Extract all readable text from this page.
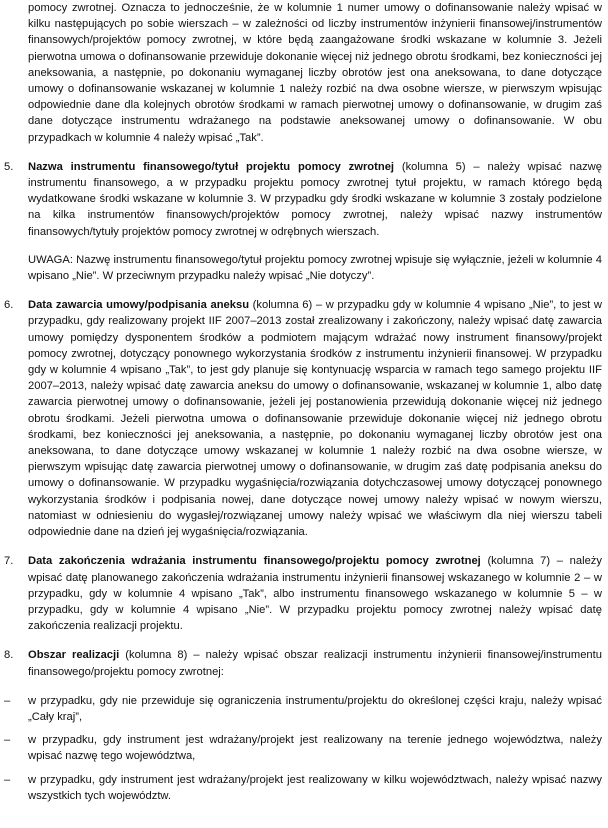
pomocy zwrotnej. Oznacza to jednocześnie, że w kolumnie 1 numer umowy o dofinansowanie należy wpisać w kilku następujących po sobie wierszach – w zależności od liczby instrumentów inżynierii finansowej/instrumentów finansowych/projektów pomocy zwrotnej, w które będą zaangażowane środki wskazane w kolumnie 3. Jeżeli pierwotna umowa o dofinansowanie przewiduje dokonanie więcej niż jednego obrotu środkami, bez konieczności jej aneksowania, a następnie, po dokonaniu wymaganej liczby obrotów jest ona aneksowana, to dane dotyczące umowy o dofinansowanie wskazanej w kolumnie 1 należy rozbić na dwa osobne wiersze, w pierwszym wpisując odpowiednie dane dla kolejnych obrotów środkami w ramach pierwotnej umowy o dofinansowanie, w drugim zaś dane dotyczące instrumentu wdrażanego na podstawie aneksowanej umowy o dofinansowanie. W obu przypadkach w kolumnie 4 należy wpisać „Tak”.

5.	Nazwa instrumentu finansowego/tytuł projektu pomocy zwrotnej (kolumna 5) – należy wpisać nazwę instrumentu finansowego, a w przypadku projektu pomocy zwrotnej tytuł projektu, w ramach którego będą wydatkowane środki wskazane w kolumnie 3. W przypadku gdy środki wskazane w kolumnie 3 zostały podzielone na kilka instrumentów finansowych/projektów pomocy zwrotnej, należy wpisać nazwy instrumentów finansowych/tytuły projektów pomocy zwrotnej w odrębnych wierszach.

UWAGA: Nazwę instrumentu finansowego/tytuł projektu pomocy zwrotnej wpisuje się wyłącznie, jeżeli w kolumnie 4 wpisano „Nie”. W przeciwnym przypadku należy wpisać „Nie dotyczy”.

6.	Data zawarcia umowy/podpisania aneksu (kolumna 6) – w przypadku gdy w kolumnie 4 wpisano „Nie”, to jest w przypadku, gdy realizowany projekt IIF 2007–2013 został zrealizowany i zakończony, należy wpisać datę zawarcia umowy pomiędzy dysponentem środków a podmiotem mającym wdrażać nowy instrument finansowy/projekt pomocy zwrotnej, dotyczący ponownego wykorzystania środków z instrumentu inżynierii finansowej. W przypadku gdy w kolumnie 4 wpisano „Tak”, to jest gdy planuje się kontynuację wsparcia w ramach tego samego projektu IIF 2007–2013, należy wpisać datę zawarcia aneksu do umowy o dofinansowanie, wskazanej w kolumnie 1, albo datę zawarcia pierwotnej umowy o dofinansowanie, jeżeli jej postanowienia przewidują dokonanie więcej niż jednego obrotu środkami. Jeżeli pierwotna umowa o dofinansowanie przewiduje dokonanie więcej niż jednego obrotu środkami, bez konieczności jej aneksowania, a następnie, po dokonaniu wymaganej liczby obrotów jest ona aneksowana, to dane dotyczące umowy wskazanej w kolumnie 1 należy rozbić na dwa osobne wiersze, w pierwszym wpisując datę zawarcia pierwotnej umowy o dofinansowanie, w drugim zaś datę podpisania aneksu do umowy o dofinansowanie. W przypadku wygaśnięcia/rozwiązania dotychczasowej umowy dotyczącej ponownego wykorzystania środków i podpisania nowej, dane dotyczące nowej umowy należy wpisać w nowym wierszu, natomiast w odniesieniu do wygasłej/rozwiązanej umowy należy wpisać we właściwym dla niej wierszu tabeli odpowiednie dane na dzień jej wygaśnięcia/rozwiązania.

7.	Data zakończenia wdrażania instrumentu finansowego/projektu pomocy zwrotnej (kolumna 7) – należy wpisać datę planowanego zakończenia wdrażania instrumentu inżynierii finansowej wskazanego w kolumnie 2 – w przypadku, gdy w kolumnie 4 wpisano „Tak”, albo instrumentu finansowego wskazanego w kolumnie 5 – w przypadku, gdy w kolumnie 4 wpisano „Nie”. W przypadku projektu pomocy zwrotnej należy wpisać datę zakończenia realizacji projektu.

8.	Obszar realizacji (kolumna 8) – należy wpisać obszar realizacji instrumentu inżynierii finansowej/instrumentu finansowego/projektu pomocy zwrotnej:

–	w przypadku, gdy nie przewiduje się ograniczenia instrumentu/projektu do określonej części kraju, należy wpisać „Cały kraj”,

–	w przypadku, gdy instrument jest wdrażany/projekt jest realizowany na terenie jednego województwa, należy wpisać nazwę tego województwa,

–	w przypadku, gdy instrument jest wdrażany/projekt jest realizowany w kilku województwach, należy wpisać nazwy wszystkich tych województw.
